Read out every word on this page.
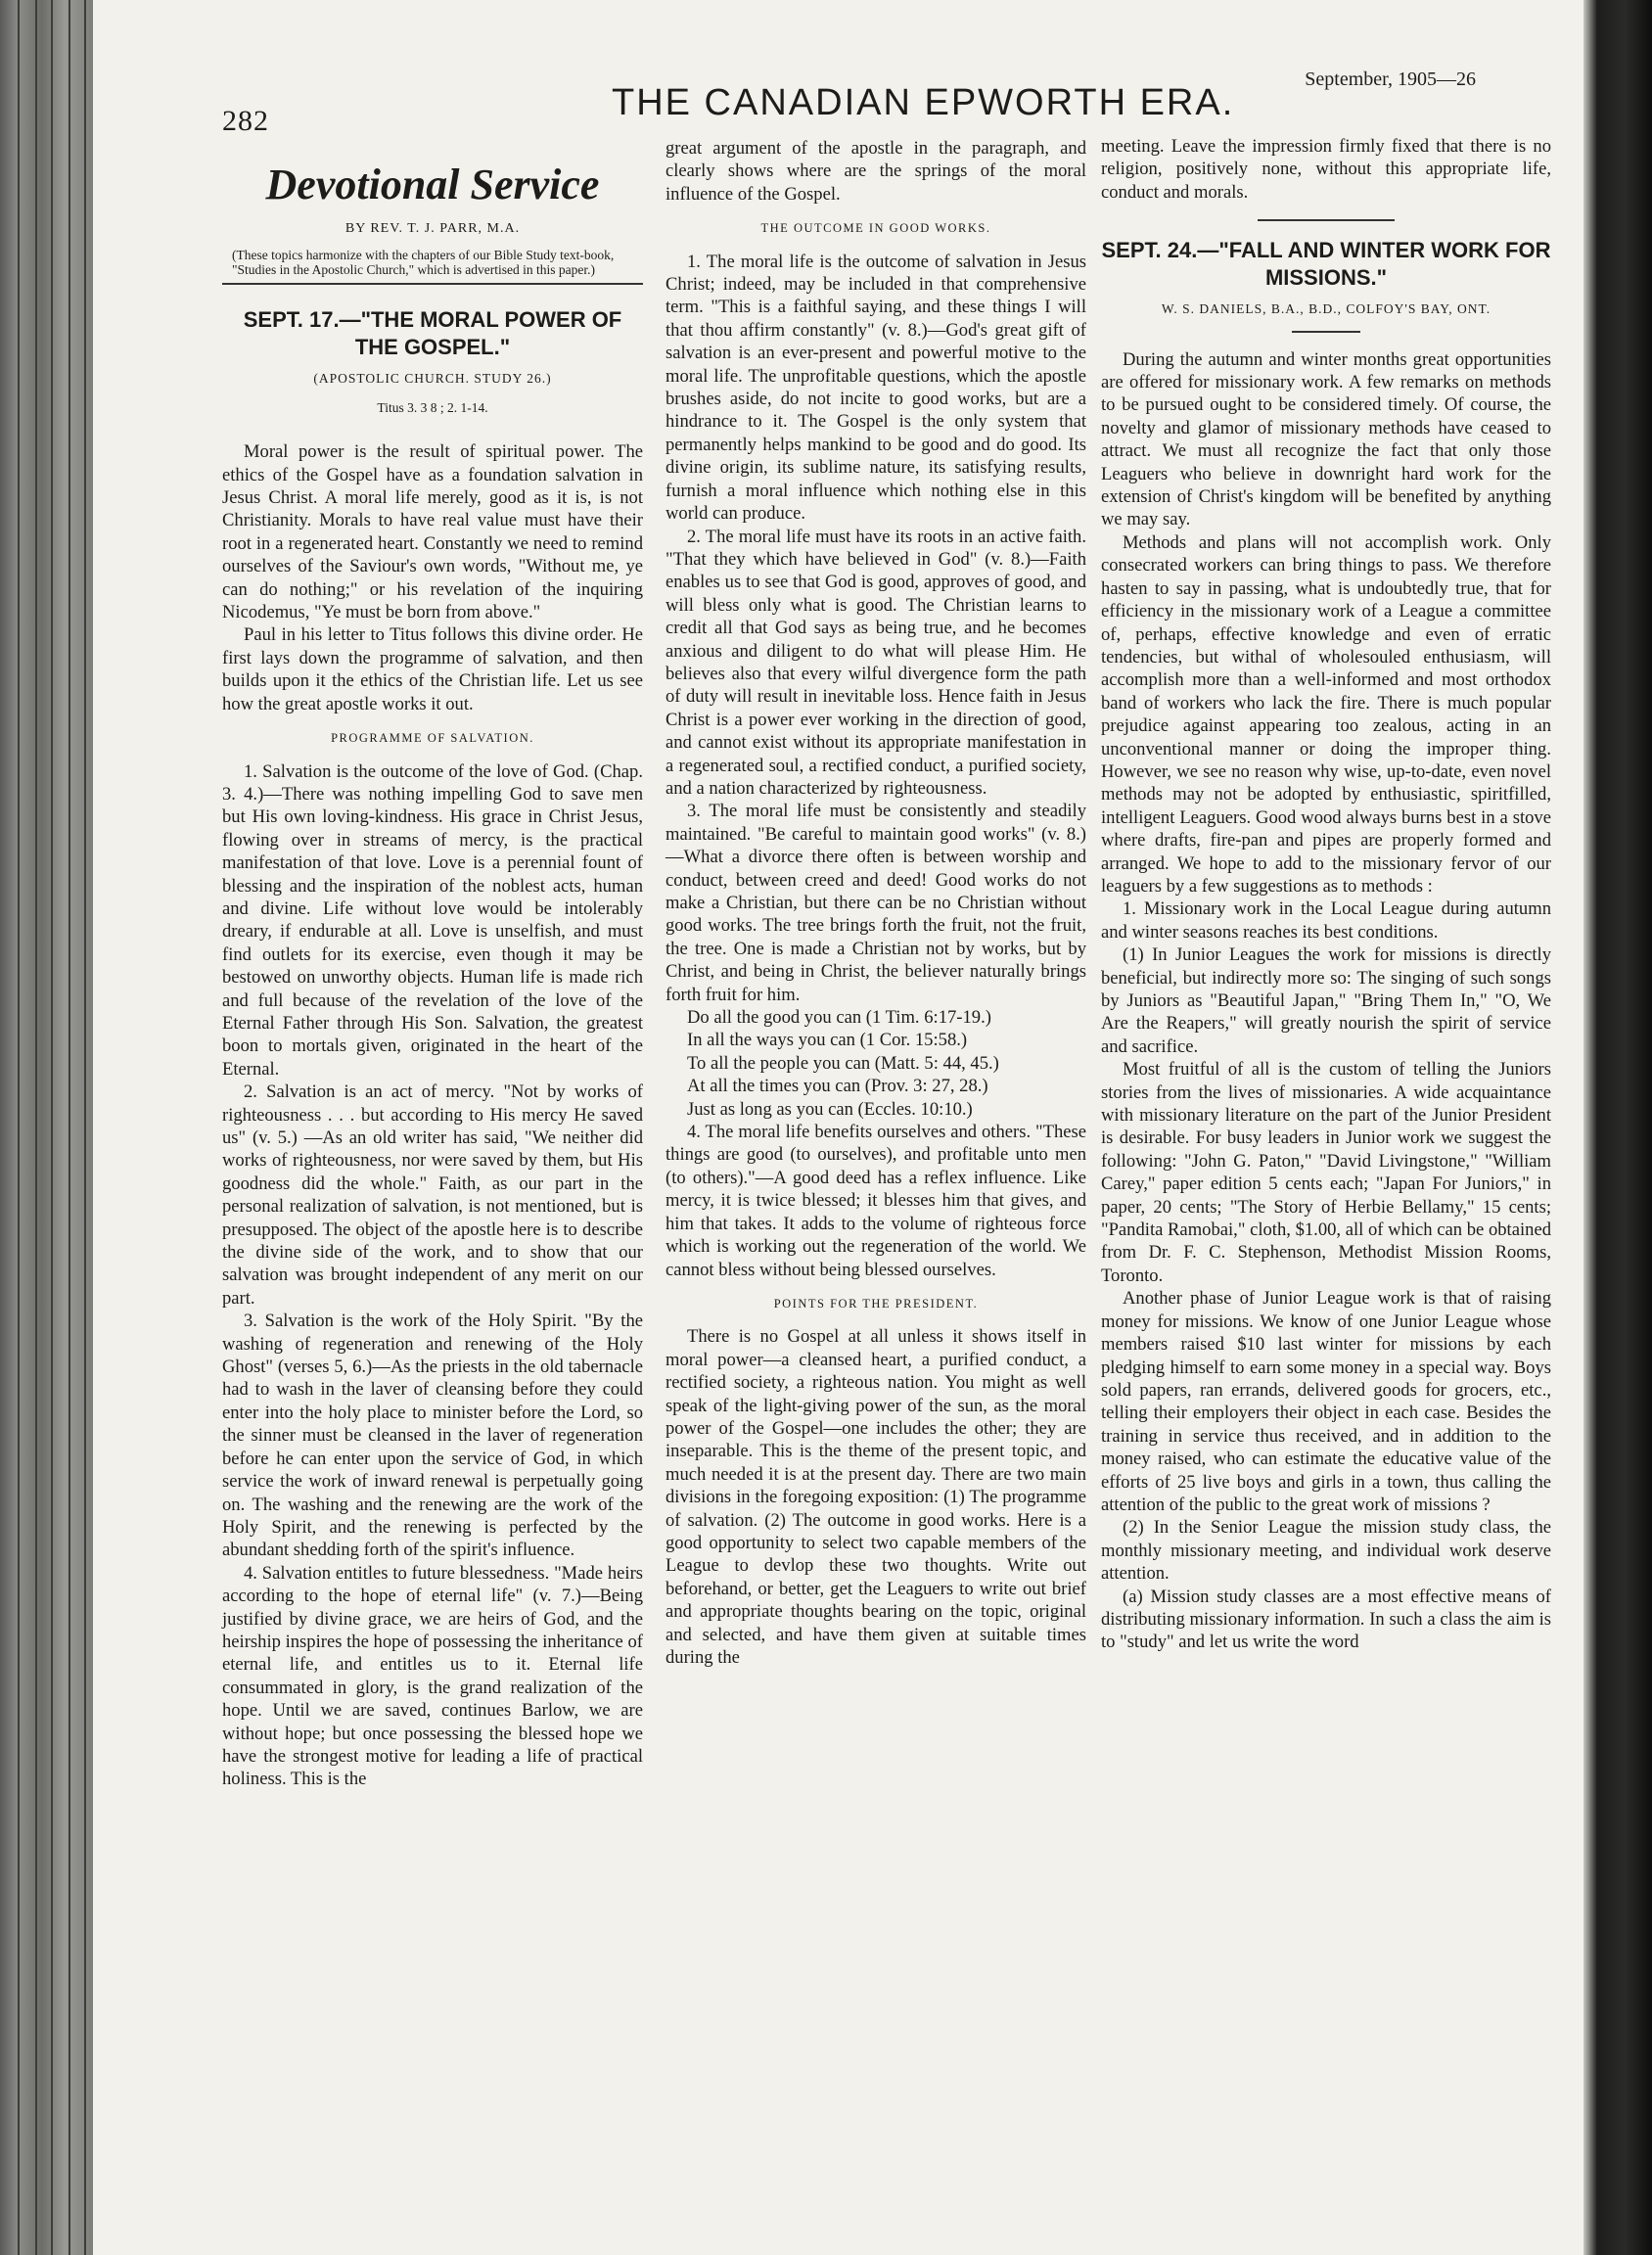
282	THE CANADIAN EPWORTH ERA.
September, 1905—26
Devotional Service
BY REV. T. J. PARR, M.A.
(These topics harmonize with the chapters of our Bible Study text-book, "Studies in the Apostolic Church," which is advertised in this paper.)
SEPT. 17.—"THE MORAL POWER OF THE GOSPEL."
(APOSTOLIC CHURCH. STUDY 26.)
Titus 3. 3 8 ; 2. 1-14.

Moral power is the result of spiritual power. The ethics of the Gospel have as a foundation salvation in Jesus Christ. A moral life merely, good as it is, is not Christianity. Morals to have real value must have their root in a regenerated heart. Constantly we need to remind ourselves of the Saviour's own words, "Without me, ye can do nothing;" or his revelation of the inquiring Nicodemus, "Ye must be born from above."

Paul in his letter to Titus follows this divine order. He first lays down the programme of salvation, and then builds upon it the ethics of the Christian life. Let us see how the great apostle works it out.

PROGRAMME OF SALVATION.

1. Salvation is the outcome of the love of God. (Chap. 3. 4.)—There was nothing impelling God to save men but His own loving-kindness. His grace in Christ Jesus, flowing over in streams of mercy, is the practical manifestation of that love. Love is a perennial fount of blessing and the inspiration of the noblest acts, human and divine. Life without love would be intolerably dreary, if endurable at all. Love is unselfish, and must find outlets for its exercise, even though it may be bestowed on unworthy objects. Human life is made rich and full because of the revelation of the love of the Eternal Father through His Son. Salvation, the greatest boon to mortals given, originated in the heart of the Eternal.

2. Salvation is an act of mercy. "Not by works of righteousness . . . but according to His mercy He saved us" (v. 5.) —As an old writer has said, "We neither did works of righteousness, nor were saved by them, but His goodness did the whole." Faith, as our part in the personal realization of salvation, is not mentioned, but is presupposed. The object of the apostle here is to describe the divine side of the work, and to show that our salvation was brought independent of any merit on our part.

3. Salvation is the work of the Holy Spirit. "By the washing of regeneration and renewing of the Holy Ghost" (verses 5, 6.)—As the priests in the old tabernacle had to wash in the laver of cleansing before they could enter into the holy place to minister before the Lord, so the sinner must be cleansed in the laver of regeneration before he can enter upon the service of God, in which service the work of inward renewal is perpetually going on. The washing and the renewing are the work of the Holy Spirit, and the renewing is perfected by the abundant shedding forth of the spirit's influence.

4. Salvation entitles to future blessedness. "Made heirs according to the hope of eternal life" (v. 7.)—Being justified by divine grace, we are heirs of God, and the heirship inspires the hope of possessing the inheritance of eternal life, and entitles us to it. Eternal life consummated in glory, is the grand realization of the hope. Until we are saved, continues Barlow, we are without hope; but once possessing the blessed hope we have the strongest motive for leading a life of practical holiness. This is the

great argument of the apostle in the paragraph, and clearly shows where are the springs of the moral influence of the Gospel.

THE OUTCOME IN GOOD WORKS.

1. The moral life is the outcome of salvation in Jesus Christ; indeed, may be included in that comprehensive term. "This is a faithful saying, and these things I will that thou affirm constantly" (v. 8.)—God's great gift of salvation is an ever-present and powerful motive to the moral life. The unprofitable questions, which the apostle brushes aside, do not incite to good works, but are a hindrance to it. The Gospel is the only system that permanently helps mankind to be good and do good. Its divine origin, its sublime nature, its satisfying results, furnish a moral influence which nothing else in this world can produce.

2. The moral life must have its roots in an active faith. "That they which have believed in God" (v. 8.)—Faith enables us to see that God is good, approves of good, and will bless only what is good. The Christian learns to credit all that God says as being true, and he becomes anxious and diligent to do what will please Him. He believes also that every wilful divergence form the path of duty will result in inevitable loss. Hence faith in Jesus Christ is a power ever working in the direction of good, and cannot exist without its appropriate manifestation in a regenerated soul, a rectified conduct, a purified society, and a nation characterized by righteousness.

3. The moral life must be consistently and steadily maintained. "Be careful to maintain good works" (v. 8.)—What a divorce there often is between worship and conduct, between creed and deed! Good works do not make a Christian, but there can be no Christian without good works. The tree brings forth the fruit, not the fruit, the tree. One is made a Christian not by works, but by Christ, and being in Christ, the believer naturally brings forth fruit for him.

Do all the good you can (1 Tim. 6:17-19.)

In all the ways you can (1 Cor. 15:58.)

To all the people you can (Matt. 5: 44, 45.)

At all the times you can (Prov. 3: 27, 28.)

Just as long as you can (Eccles. 10:10.)

4. The moral life benefits ourselves and others. "These things are good (to ourselves), and profitable unto men (to others)."—A good deed has a reflex influence. Like mercy, it is twice blessed; it blesses him that gives, and him that takes. It adds to the volume of righteous force which is working out the regeneration of the world. We cannot bless without being blessed ourselves.

POINTS FOR THE PRESIDENT.

There is no Gospel at all unless it shows itself in moral power—a cleansed heart, a purified conduct, a rectified society, a righteous nation. You might as well speak of the light-giving power of the sun, as the moral power of the Gospel—one includes the other; they are inseparable. This is the theme of the present topic, and much needed it is at the present day. There are two main divisions in the foregoing exposition: (1) The programme of salvation. (2) The outcome in good works. Here is a good opportunity to select two capable members of the League to devlop these two thoughts. Write out beforehand, or better, get the Leaguers to write out brief and appropriate thoughts bearing on the topic, original and selected, and have them given at suitable times during the

meeting. Leave the impression firmly fixed that there is no religion, positively none, without this appropriate life, conduct and morals.

SEPT. 24.—"FALL AND WINTER WORK FOR MISSIONS."
W. S. DANIELS, B.A., B.D., COLFOY'S BAY, ONT.

During the autumn and winter months great opportunities are offered for missionary work. A few remarks on methods to be pursued ought to be considered timely. Of course, the novelty and glamor of missionary methods have ceased to attract. We must all recognize the fact that only those Leaguers who believe in downright hard work for the extension of Christ's kingdom will be benefited by anything we may say.

Methods and plans will not accomplish work. Only consecrated workers can bring things to pass. We therefore hasten to say in passing, what is undoubtedly true, that for efficiency in the missionary work of a League a committee of, perhaps, effective knowledge and even of erratic tendencies, but withal of wholesouled enthusiasm, will accomplish more than a well-informed and most orthodox band of workers who lack the fire. There is much popular prejudice against appearing too zealous, acting in an unconventional manner or doing the improper thing. However, we see no reason why wise, up-to-date, even novel methods may not be adopted by enthusiastic, spiritfilled, intelligent Leaguers. Good wood always burns best in a stove where drafts, fire-pan and pipes are properly formed and arranged. We hope to add to the missionary fervor of our leaguers by a few suggestions as to methods :

1. Missionary work in the Local League during autumn and winter seasons reaches its best conditions.

(1) In Junior Leagues the work for missions is directly beneficial, but indirectly more so: The singing of such songs by Juniors as "Beautiful Japan," "Bring Them In," "O, We Are the Reapers," will greatly nourish the spirit of service and sacrifice.

Most fruitful of all is the custom of telling the Juniors stories from the lives of missionaries. A wide acquaintance with missionary literature on the part of the Junior President is desirable. For busy leaders in Junior work we suggest the following: "John G. Paton," "David Livingstone," "William Carey," paper edition 5 cents each; "Japan For Juniors," in paper, 20 cents; "The Story of Herbie Bellamy," 15 cents; "Pandita Ramobai," cloth, $1.00, all of which can be obtained from Dr. F. C. Stephenson, Methodist Mission Rooms, Toronto.

Another phase of Junior League work is that of raising money for missions. We know of one Junior League whose members raised $10 last winter for missions by each pledging himself to earn some money in a special way. Boys sold papers, ran errands, delivered goods for grocers, etc., telling their employers their object in each case. Besides the training in service thus received, and in addition to the money raised, who can estimate the educative value of the efforts of 25 live boys and girls in a town, thus calling the attention of the public to the great work of missions ?

(2) In the Senior League the mission study class, the monthly missionary meeting, and individual work deserve attention.

(a) Mission study classes are a most effective means of distributing missionary information. In such a class the aim is to "study" and let us write the word
